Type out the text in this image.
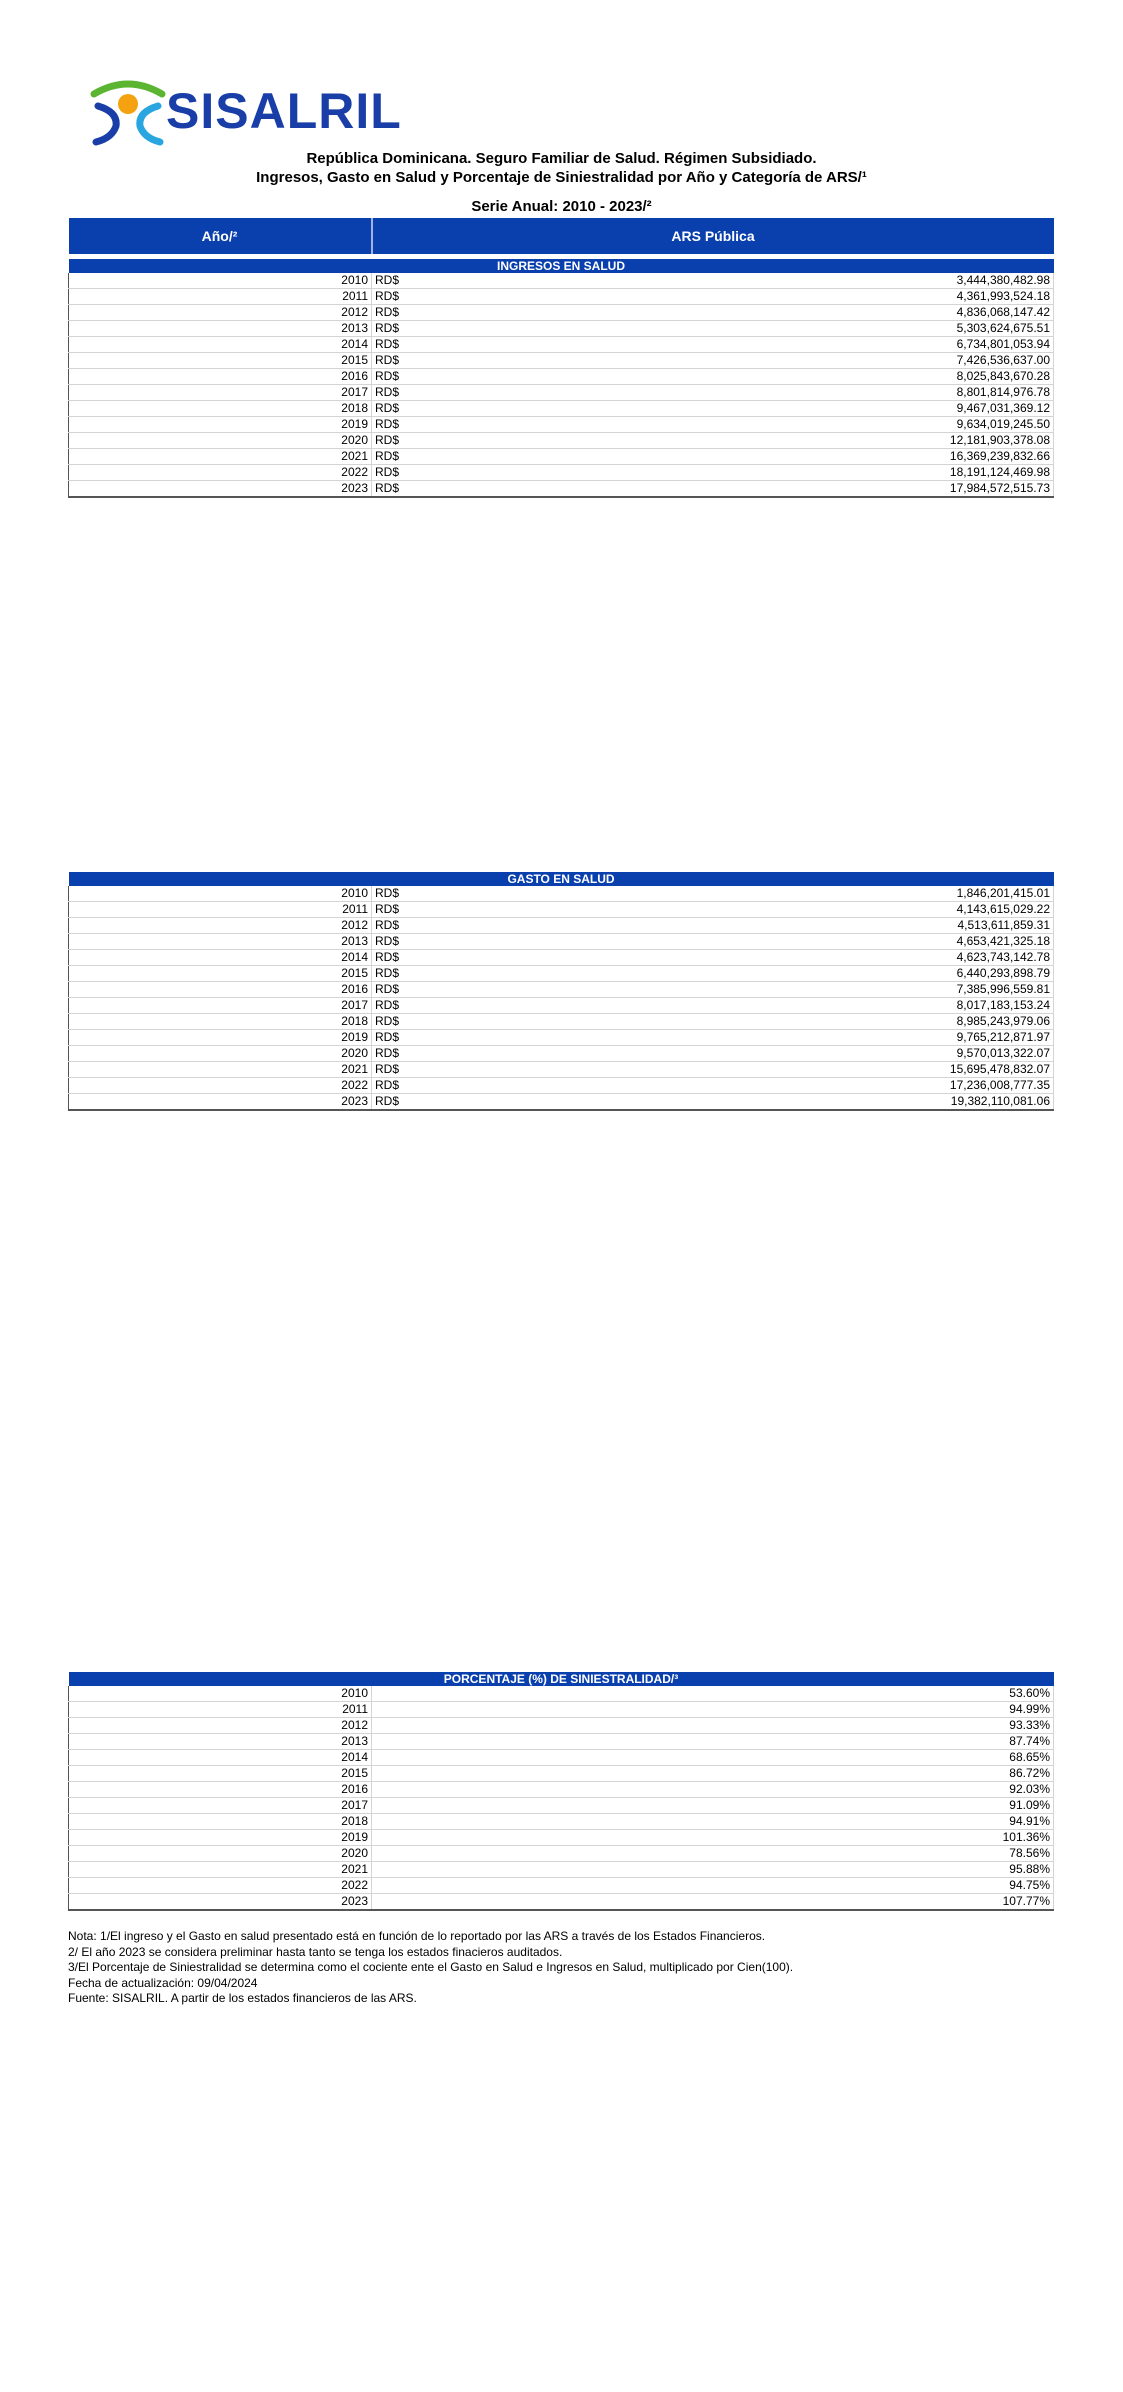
SISALRIL
República Dominicana. Seguro Familiar de Salud. Régimen Subsidiado.
Ingresos, Gasto en Salud y Porcentaje de Siniestralidad por Año y Categoría de ARS/¹
Serie Anual: 2010 - 2023/²
Año/²	ARS Pública	

INGRESOS EN SALUD		
2010	RD$	3,444,380,482.98
2011	RD$	4,361,993,524.18
2012	RD$	4,836,068,147.42
2013	RD$	5,303,624,675.51
2014	RD$	6,734,801,053.94
2015	RD$	7,426,536,637.00
2016	RD$	8,025,843,670.28
2017	RD$	8,801,814,976.78
2018	RD$	9,467,031,369.12
2019	RD$	9,634,019,245.50
2020	RD$	12,181,903,378.08
2021	RD$	16,369,239,832.66
2022	RD$	18,191,124,469.98
2023	RD$	17,984,572,515.73
GASTO EN SALUD		
2010	RD$	1,846,201,415.01
2011	RD$	4,143,615,029.22
2012	RD$	4,513,611,859.31
2013	RD$	4,653,421,325.18
2014	RD$	4,623,743,142.78
2015	RD$	6,440,293,898.79
2016	RD$	7,385,996,559.81
2017	RD$	8,017,183,153.24
2018	RD$	8,985,243,979.06
2019	RD$	9,765,212,871.97
2020	RD$	9,570,013,322.07
2021	RD$	15,695,478,832.07
2022	RD$	17,236,008,777.35
2023	RD$	19,382,110,081.06
PORCENTAJE (%) DE SINIESTRALIDAD/³	
2010	53.60%
2011	94.99%
2012	93.33%
2013	87.74%
2014	68.65%
2015	86.72%
2016	92.03%
2017	91.09%
2018	94.91%
2019	101.36%
2020	78.56%
2021	95.88%
2022	94.75%
2023	107.77%
Nota: 1/El ingreso y el Gasto en salud presentado está en función de lo reportado por las ARS a través de los Estados Financieros.
2/ El año 2023 se considera preliminar hasta tanto se tenga los estados finacieros auditados.
3/El Porcentaje de Siniestralidad se determina como el cociente ente el Gasto en Salud e Ingresos en Salud, multiplicado por Cien(100).
Fecha de actualización: 09/04/2024
Fuente: SISALRIL. A partir de los estados financieros de las ARS.
